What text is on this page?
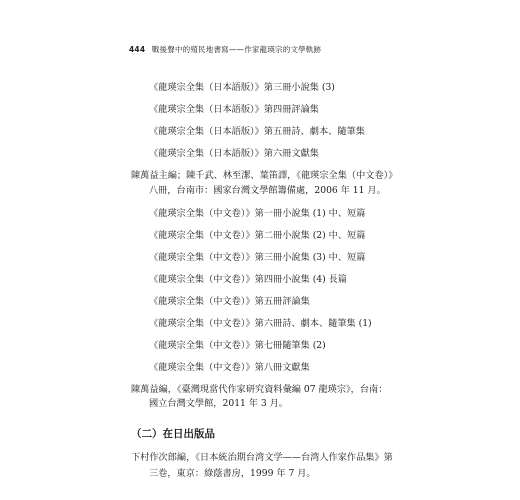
444 戰後聲中的殖民地書寫——作家龍瑛宗的文學軌跡
《龍瑛宗全集（日本語版）》第三冊小說集 (3)
《龍瑛宗全集（日本語版）》第四冊評論集
《龍瑛宗全集（日本語版）》第五冊詩、劇本、隨筆集
《龍瑛宗全集（日本語版）》第六冊文獻集
陳萬益主編；陳千武、林至潔、葉笛譯，《龍瑛宗全集（中文卷）》
八冊，台南市：國家台灣文學館籌備處，2006 年 11 月。
《龍瑛宗全集（中文卷）》第一冊小說集 (1) 中、短篇
《龍瑛宗全集（中文卷）》第二冊小說集 (2) 中、短篇
《龍瑛宗全集（中文卷）》第三冊小說集 (3) 中、短篇
《龍瑛宗全集（中文卷）》第四冊小說集 (4) 長篇
《龍瑛宗全集（中文卷）》第五冊評論集
《龍瑛宗全集（中文卷）》第六冊詩、劇本、隨筆集 (1)
《龍瑛宗全集（中文卷）》第七冊隨筆集 (2)
《龍瑛宗全集（中文卷）》第八冊文獻集
陳萬益編，《臺灣現當代作家研究資料彙編 07 龍瑛宗》，台南：
國立台灣文學館，2011 年 3 月。
（二）在日出版品
下村作次郎編，《日本統治期台湾文学——台湾人作家作品集》第
三卷，東京：綠蔭書房，1999 年 7 月。
